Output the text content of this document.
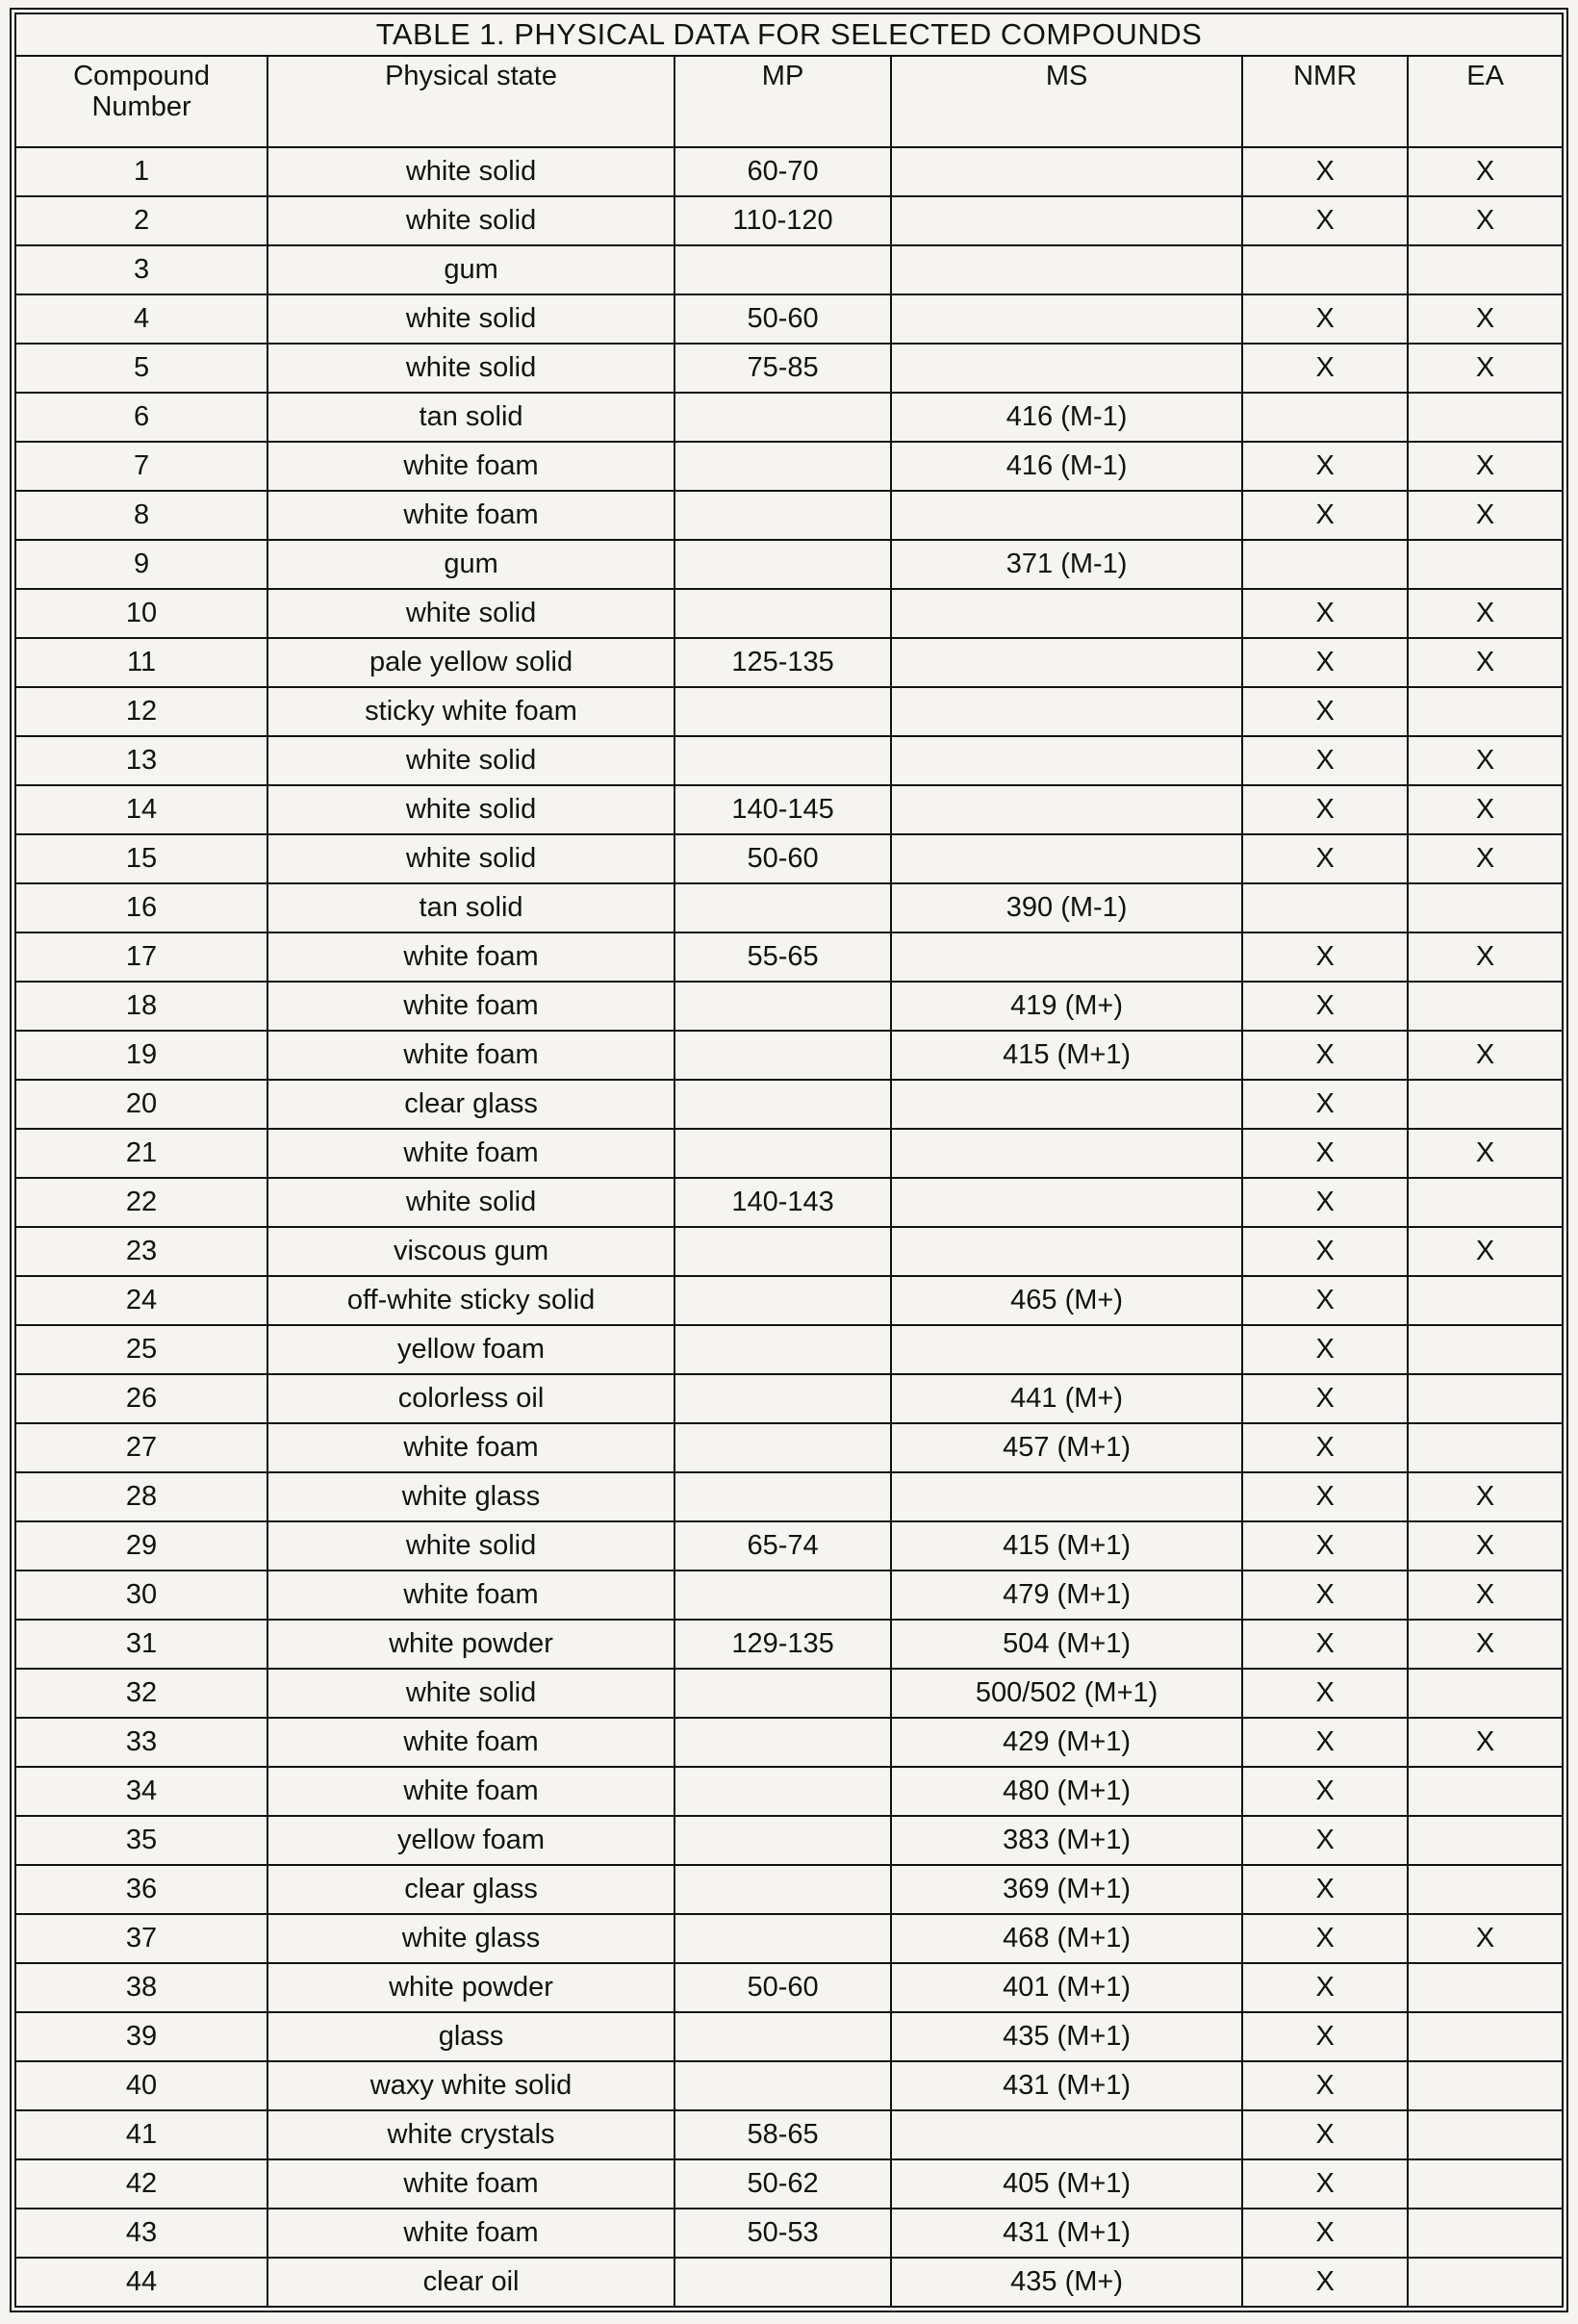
TABLE 1. PHYSICAL DATA FOR SELECTED COMPOUNDS					
Compound Number	Physical state	MP	MS	NMR	EA
1	white solid	60-70		X	X
2	white solid	110-120		X	X
3	gum				
4	white solid	50-60		X	X
5	white solid	75-85		X	X
6	tan solid		416 (M-1)		
7	white foam		416 (M-1)	X	X
8	white foam			X	X
9	gum		371 (M-1)		
10	white solid			X	X
11	pale yellow solid	125-135		X	X
12	sticky white foam			X	
13	white solid			X	X
14	white solid	140-145		X	X
15	white solid	50-60		X	X
16	tan solid		390 (M-1)		
17	white foam	55-65		X	X
18	white foam		419 (M+)	X	
19	white foam		415 (M+1)	X	X
20	clear glass			X	
21	white foam			X	X
22	white solid	140-143		X	
23	viscous gum			X	X
24	off-white sticky solid		465 (M+)	X	
25	yellow foam			X	
26	colorless oil		441 (M+)	X	
27	white foam		457 (M+1)	X	
28	white glass			X	X
29	white solid	65-74	415 (M+1)	X	X
30	white foam		479 (M+1)	X	X
31	white powder	129-135	504 (M+1)	X	X
32	white solid		500/502 (M+1)	X	
33	white foam		429 (M+1)	X	X
34	white foam		480 (M+1)	X	
35	yellow foam		383 (M+1)	X	
36	clear glass		369 (M+1)	X	
37	white glass		468 (M+1)	X	X
38	white powder	50-60	401 (M+1)	X	
39	glass		435 (M+1)	X	
40	waxy white solid		431 (M+1)	X	
41	white crystals	58-65		X	
42	white foam	50-62	405 (M+1)	X	
43	white foam	50-53	431 (M+1)	X	
44	clear oil		435 (M+)	X	
